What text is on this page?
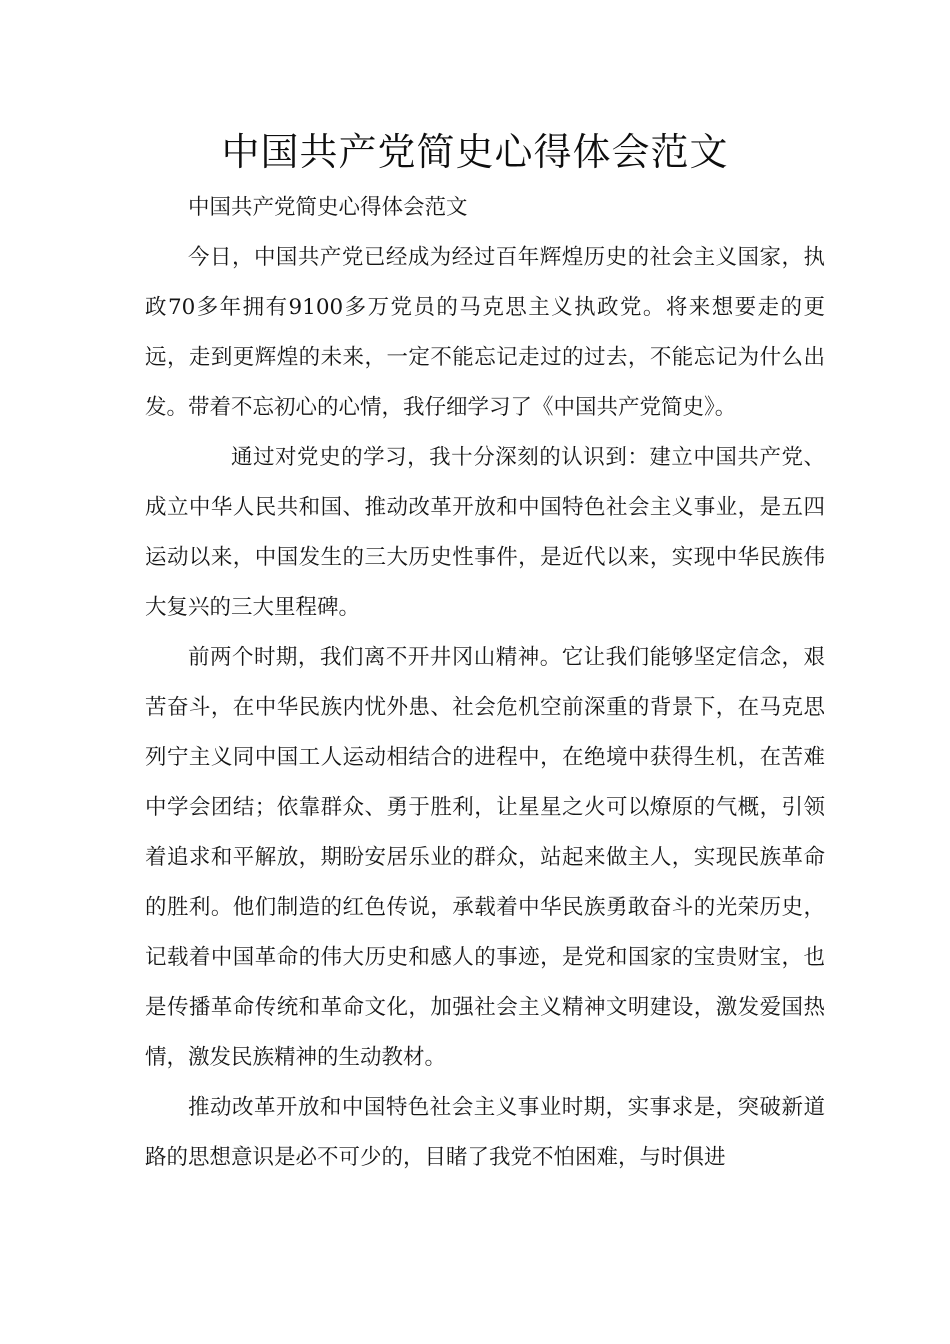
中国共产党简史心得体会范文

中国共产党简史心得体会范文

今日，中国共产党已经成为经过百年辉煌历史的社会主义国家，执政70多年拥有9100多万党员的马克思主义执政党。将来想要走的更远，走到更辉煌的未来，一定不能忘记走过的过去，不能忘记为什么出发。带着不忘初心的心情，我仔细学习了《中国共产党简史》。

通过对党史的学习，我十分深刻的认识到：建立中国共产党、成立中华人民共和国、推动改革开放和中国特色社会主义事业，是五四运动以来，中国发生的三大历史性事件，是近代以来，实现中华民族伟大复兴的三大里程碑。

前两个时期，我们离不开井冈山精神。它让我们能够坚定信念，艰苦奋斗，在中华民族内忧外患、社会危机空前深重的背景下，在马克思列宁主义同中国工人运动相结合的进程中，在绝境中获得生机，在苦难中学会团结；依靠群众、勇于胜利，让星星之火可以燎原的气概，引领着追求和平解放，期盼安居乐业的群众，站起来做主人，实现民族革命的胜利。他们制造的红色传说，承载着中华民族勇敢奋斗的光荣历史，记载着中国革命的伟大历史和感人的事迹，是党和国家的宝贵财宝，也是传播革命传统和革命文化，加强社会主义精神文明建设，激发爱国热情，激发民族精神的生动教材。

推动改革开放和中国特色社会主义事业时期，实事求是，突破新道路的思想意识是必不可少的，目睹了我党不怕困难，与时俱进
